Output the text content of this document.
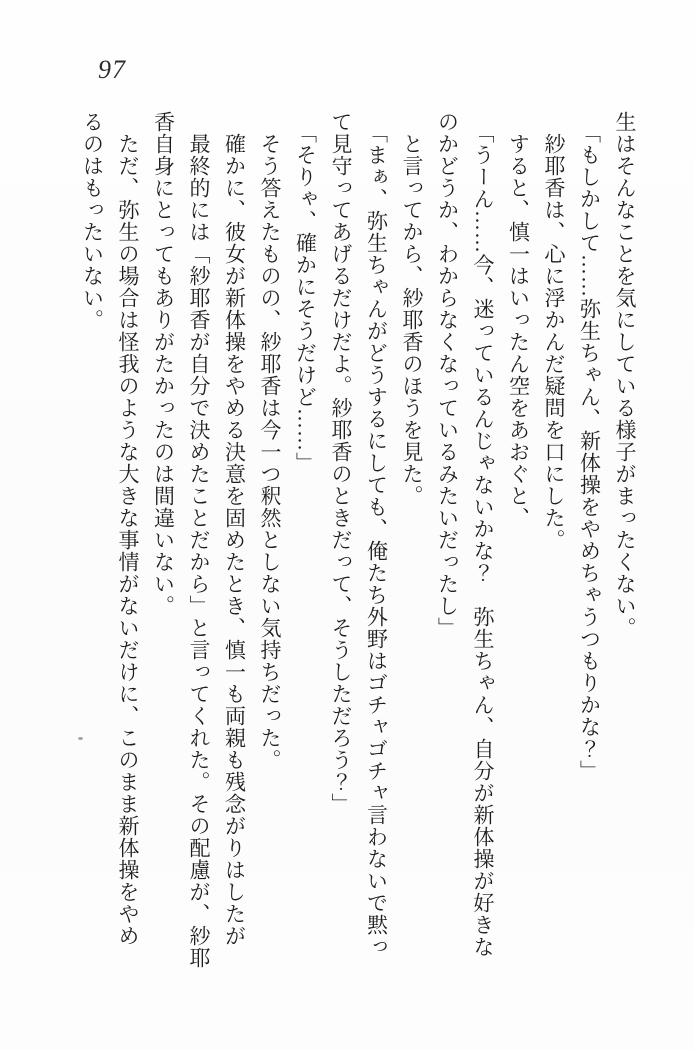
97

生はそんなことを気にしている様子がまったくない。

「もしかして……弥生ちゃん、新体操をやめちゃうつもりかな？」

紗耶香は、心に浮かんだ疑問を口にした。

すると、慎一はいったん空をあおぐと、

「うーん……今、迷っているんじゃないかな？　弥生ちゃん、自分が新体操が好きな

のかどうか、わからなくなっているみたいだったし」

と言ってから、紗耶香のほうを見た。

「まぁ、弥生ちゃんがどうするにしても、俺たち外野はゴチャゴチャ言わないで黙っ

て見守ってあげるだけだよ。紗耶香のときだって、そうしただろう？」

「そりゃ、確かにそうだけど……」

そう答えたものの、紗耶香は今一つ釈然としない気持ちだった。

確かに、彼女が新体操をやめる決意を固めたとき、慎一も両親も残念がりはしたが

最終的には「紗耶香が自分で決めたことだから」と言ってくれた。その配慮が、紗耶

香自身にとってもありがたかったのは間違いない。

ただ、弥生の場合は怪我のような大きな事情がないだけに、このまま新体操をやめ

るのはもったいない。
